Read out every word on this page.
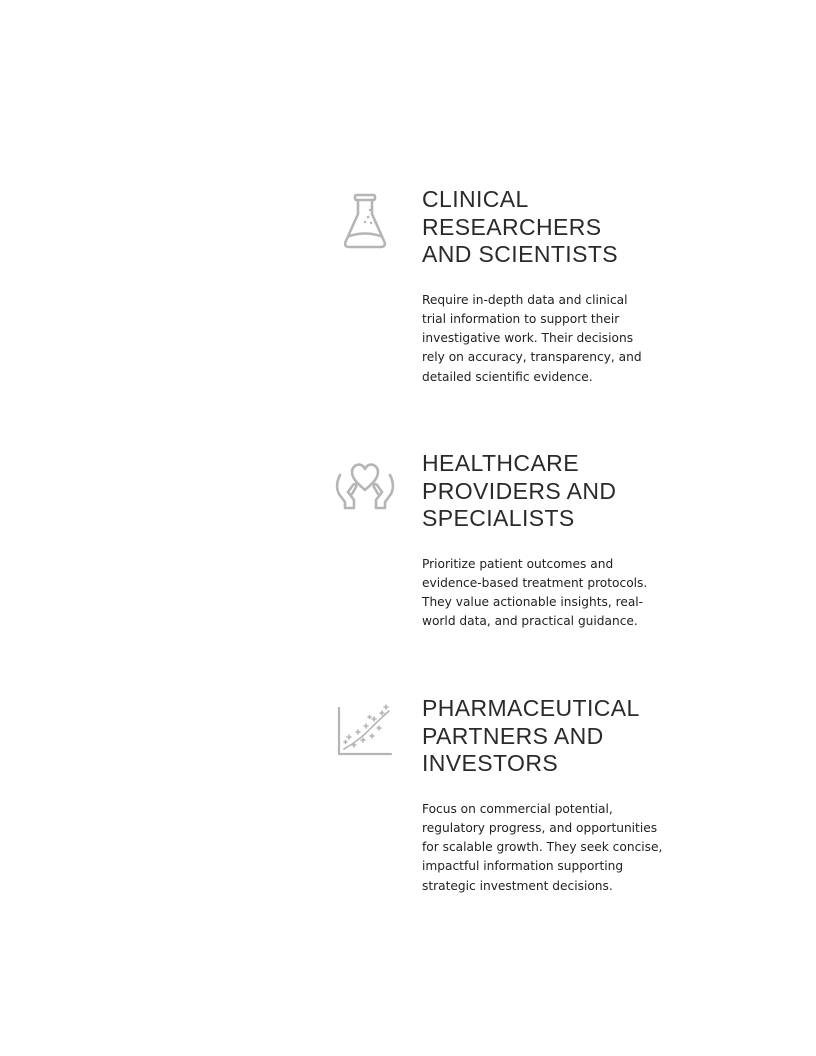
CLINICAL
RESEARCHERS
AND SCIENTISTS

Require in-depth data and clinical
trial information to support their
investigative work. Their decisions
rely on accuracy, transparency, and
detailed scientific evidence.

HEALTHCARE
PROVIDERS AND
SPECIALISTS

Prioritize patient outcomes and
evidence-based treatment protocols.
They value actionable insights, real-
world data, and practical guidance.

PHARMACEUTICAL
PARTNERS AND
INVESTORS

Focus on commercial potential,
regulatory progress, and opportunities
for scalable growth. They seek concise,
impactful information supporting
strategic investment decisions.
